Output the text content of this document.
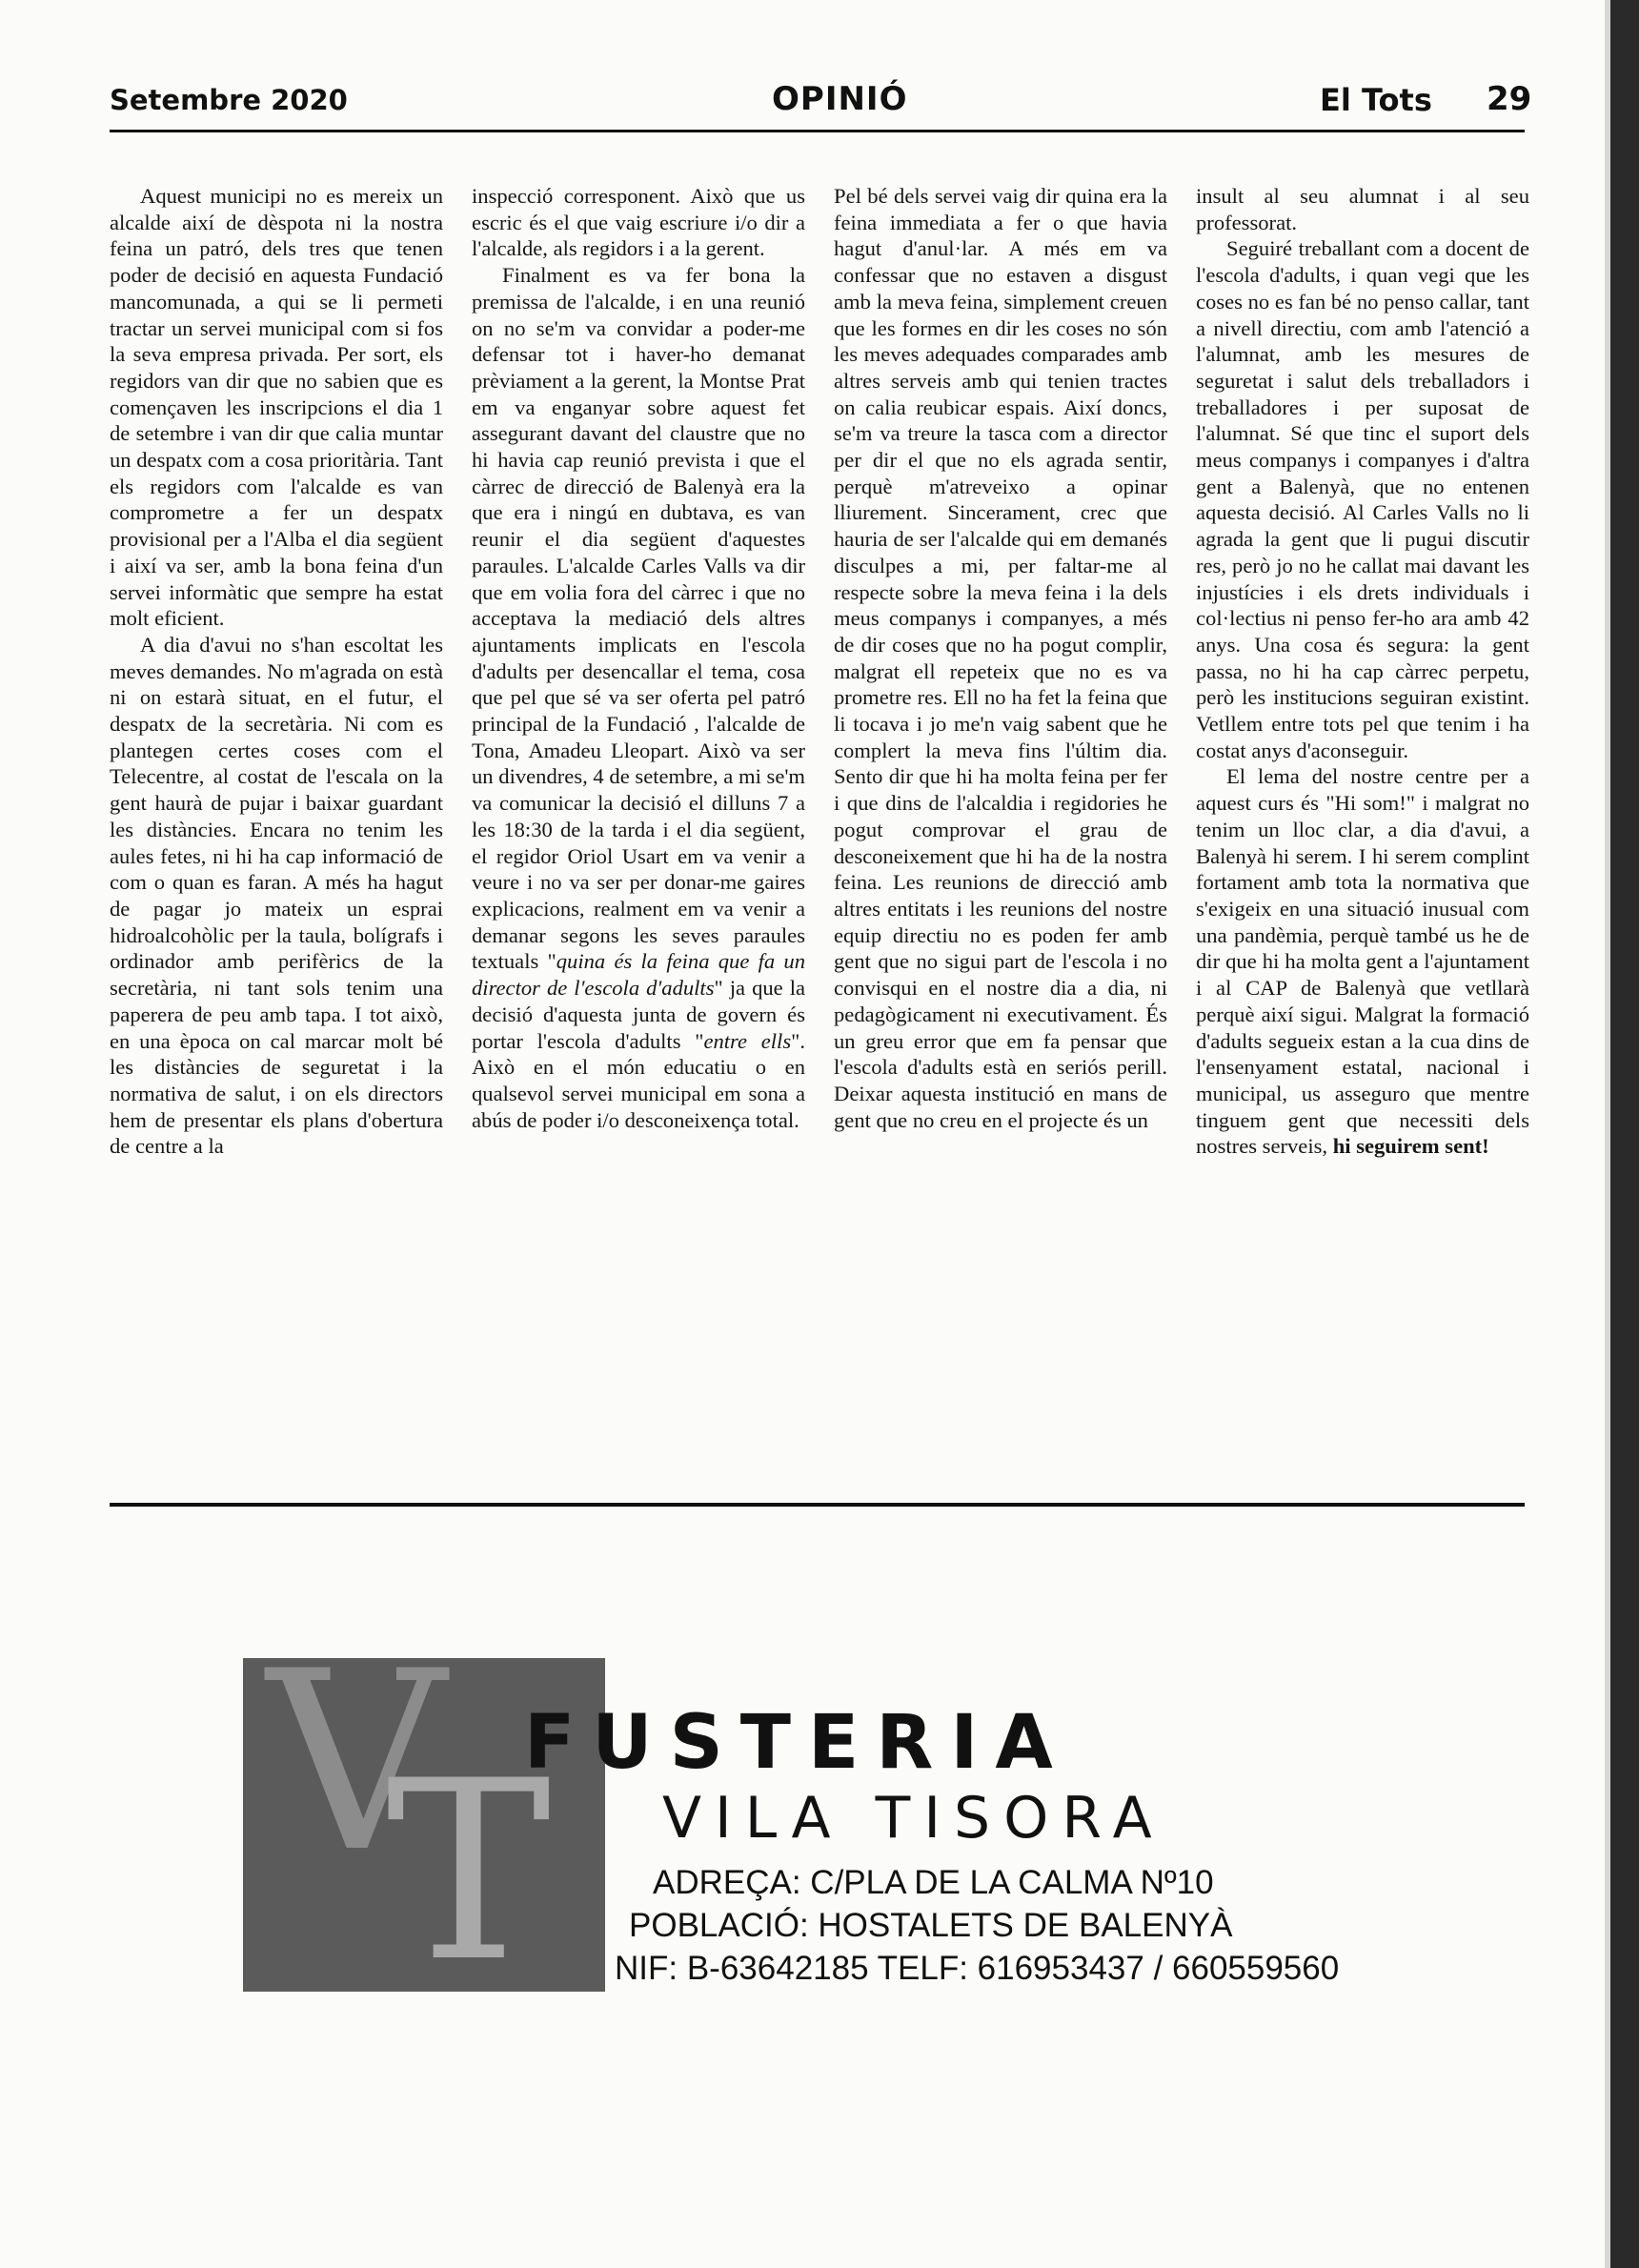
Setembre 2020	OPINIÓ	El Tots 29

Aquest municipi no es mereix un alcalde així de dèspota ni la nostra feina un patró, dels tres que tenen poder de decisió en aquesta Fundació mancomunada, a qui se li permeti tractar un servei municipal com si fos la seva empresa privada. Per sort, els regidors van dir que no sabien que es començaven les inscripcions el dia 1 de setembre i van dir que calia muntar un despatx com a cosa prioritària. Tant els regidors com l'alcalde es van comprometre a fer un despatx provisional per a l'Alba el dia següent i així va ser, amb la bona feina d'un servei informàtic que sempre ha estat molt eficient.

A dia d'avui no s'han escoltat les meves demandes. No m'agrada on està ni on estarà situat, en el futur, el despatx de la secretària. Ni com es plantegen certes coses com el Telecentre, al costat de l'escala on la gent haurà de pujar i baixar guardant les distàncies. Encara no tenim les aules fetes, ni hi ha cap informació de com o quan es faran. A més ha hagut de pagar jo mateix un esprai hidroalcohòlic per la taula, bolígrafs i ordinador amb perifèrics de la secretària, ni tant sols tenim una paperera de peu amb tapa. I tot això, en una època on cal marcar molt bé les distàncies de seguretat i la normativa de salut, i on els directors hem de presentar els plans d'obertura de centre a la

inspecció corresponent. Això que us escric és el que vaig escriure i/o dir a l'alcalde, als regidors i a la gerent.

Finalment es va fer bona la premissa de l'alcalde, i en una reunió on no se'm va convidar a poder-me defensar tot i haver-ho demanat prèviament a la gerent, la Montse Prat em va enganyar sobre aquest fet assegurant davant del claustre que no hi havia cap reunió prevista i que el càrrec de direcció de Balenyà era la que era i ningú en dubtava, es van reunir el dia següent d'aquestes paraules. L'alcalde Carles Valls va dir que em volia fora del càrrec i que no acceptava la mediació dels altres ajuntaments implicats en l'escola d'adults per desencallar el tema, cosa que pel que sé va ser oferta pel patró principal de la Fundació , l'alcalde de Tona, Amadeu Lleopart. Això va ser un divendres, 4 de setembre, a mi se'm va comunicar la decisió el dilluns 7 a les 18:30 de la tarda i el dia següent, el regidor Oriol Usart em va venir a veure i no va ser per donar-me gaires explicacions, realment em va venir a demanar segons les seves paraules textuals "quina és la feina que fa un director de l'escola d'adults" ja que la decisió d'aquesta junta de govern és portar l'escola d'adults "entre ells". Això en el món educatiu o en qualsevol servei municipal em sona a abús de poder i/o desconeixença total.

Pel bé dels servei vaig dir quina era la feina immediata a fer o que havia hagut d'anul·lar. A més em va confessar que no estaven a disgust amb la meva feina, simplement creuen que les formes en dir les coses no són les meves adequades comparades amb altres serveis amb qui tenien tractes on calia reubicar espais. Així doncs, se'm va treure la tasca com a director per dir el que no els agrada sentir, perquè m'atreveixo a opinar lliurement. Sincerament, crec que hauria de ser l'alcalde qui em demanés disculpes a mi, per faltar-me al respecte sobre la meva feina i la dels meus companys i companyes, a més de dir coses que no ha pogut complir, malgrat ell repeteix que no es va prometre res. Ell no ha fet la feina que li tocava i jo me'n vaig sabent que he complert la meva fins l'últim dia. Sento dir que hi ha molta feina per fer i que dins de l'alcaldia i regidories he pogut comprovar el grau de desconeixement que hi ha de la nostra feina. Les reunions de direcció amb altres entitats i les reunions del nostre equip directiu no es poden fer amb gent que no sigui part de l'escola i no convisqui en el nostre dia a dia, ni pedagògicament ni executivament. És un greu error que em fa pensar que l'escola d'adults està en seriós perill. Deixar aquesta institució en mans de gent que no creu en el projecte és un

insult al seu alumnat i al seu professorat.

Seguiré treballant com a docent de l'escola d'adults, i quan vegi que les coses no es fan bé no penso callar, tant a nivell directiu, com amb l'atenció a l'alumnat, amb les mesures de seguretat i salut dels treballadors i treballadores i per suposat de l'alumnat. Sé que tinc el suport dels meus companys i companyes i d'altra gent a Balenyà, que no entenen aquesta decisió. Al Carles Valls no li agrada la gent que li pugui discutir res, però jo no he callat mai davant les injustícies i els drets individuals i col·lectius ni penso fer-ho ara amb 42 anys. Una cosa és segura: la gent passa, no hi ha cap càrrec perpetu, però les institucions seguiran existint. Vetllem entre tots pel que tenim i ha costat anys d'aconseguir.

El lema del nostre centre per a aquest curs és "Hi som!" i malgrat no tenim un lloc clar, a dia d'avui, a Balenyà hi serem. I hi serem complint fortament amb tota la normativa que s'exigeix en una situació inusual com una pandèmia, perquè també us he de dir que hi ha molta gent a l'ajuntament i al CAP de Balenyà que vetllarà perquè així sigui. Malgrat la formació d'adults segueix estan a la cua dins de l'ensenyament estatal, nacional i municipal, us asseguro que mentre tinguem gent que necessiti dels nostres serveis, hi seguirem sent!

V
T
FUSTERIA
VILA TISORA
ADREÇA: C/PLA DE LA CALMA Nº10
POBLACIÓ: HOSTALETS DE BALENYÀ
NIF: B-63642185 TELF: 616953437 / 660559560
